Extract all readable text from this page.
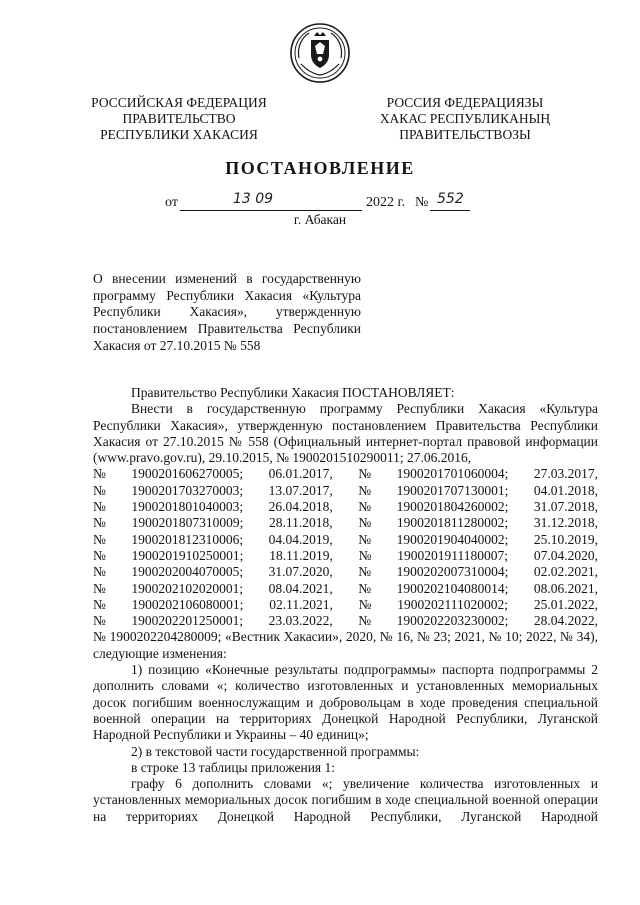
РОССИЙСКАЯ ФЕДЕРАЦИЯ
ПРАВИТЕЛЬСТВО
РЕСПУБЛИКИ ХАКАСИЯ
РОССИЯ ФЕДЕРАЦИЯЗЫ
ХАКАС РЕСПУБЛИКАНЫҢ
ПРАВИТЕЛЬСТВОЗЫ
ПОСТАНОВЛЕНИЕ
от	13 09	2022 г. № 552
г. Абакан
О внесении изменений в государственную программу Республики Хакасия «Культура Республики Хакасия», утвержденную постановлением Правительства Республики Хакасия от 27.10.2015 № 558
Правительство Республики Хакасия ПОСТАНОВЛЯЕТ:
Внести в государственную программу Республики Хакасия «Культура Республики Хакасия», утвержденную постановлением Правительства Республики Хакасия от 27.10.2015 № 558 (Официальный интернет-портал правовой информации (www.pravo.gov.ru), 29.10.2015, № 1900201510290011; 27.06.2016,
№ 1900201606270005; 06.01.2017, № 1900201701060004; 27.03.2017,
№ 1900201703270003; 13.07.2017, № 1900201707130001; 04.01.2018,
№ 1900201801040003; 26.04.2018, № 1900201804260002; 31.07.2018,
№ 1900201807310009; 28.11.2018, № 1900201811280002; 31.12.2018,
№ 1900201812310006; 04.04.2019, № 1900201904040002; 25.10.2019,
№ 1900201910250001; 18.11.2019, № 1900201911180007; 07.04.2020,
№ 1900202004070005; 31.07.2020, № 1900202007310004; 02.02.2021,
№ 1900202102020001; 08.04.2021, № 1900202104080014; 08.06.2021,
№ 1900202106080001; 02.11.2021, № 1900202111020002; 25.01.2022,
№ 1900202201250001; 23.03.2022, № 1900202203230002; 28.04.2022,
№ 1900202204280009; «Вестник Хакасии», 2020, № 16, № 23; 2021, № 10; 2022, № 34), следующие изменения:
1) позицию «Конечные результаты подпрограммы» паспорта подпрограммы 2 дополнить словами «; количество изготовленных и установленных мемориальных досок погибшим военнослужащим и добровольцам в ходе проведения специальной военной операции на территориях Донецкой Народной Республики, Луганской Народной Республики и Украины – 40 единиц»;
2) в текстовой части государственной программы:
в строке 13 таблицы приложения 1:
графу 6 дополнить словами «; увеличение количества изготовленных и установленных мемориальных досок погибшим в ходе специальной военной операции на территориях Донецкой Народной Республики, Луганской Народной
